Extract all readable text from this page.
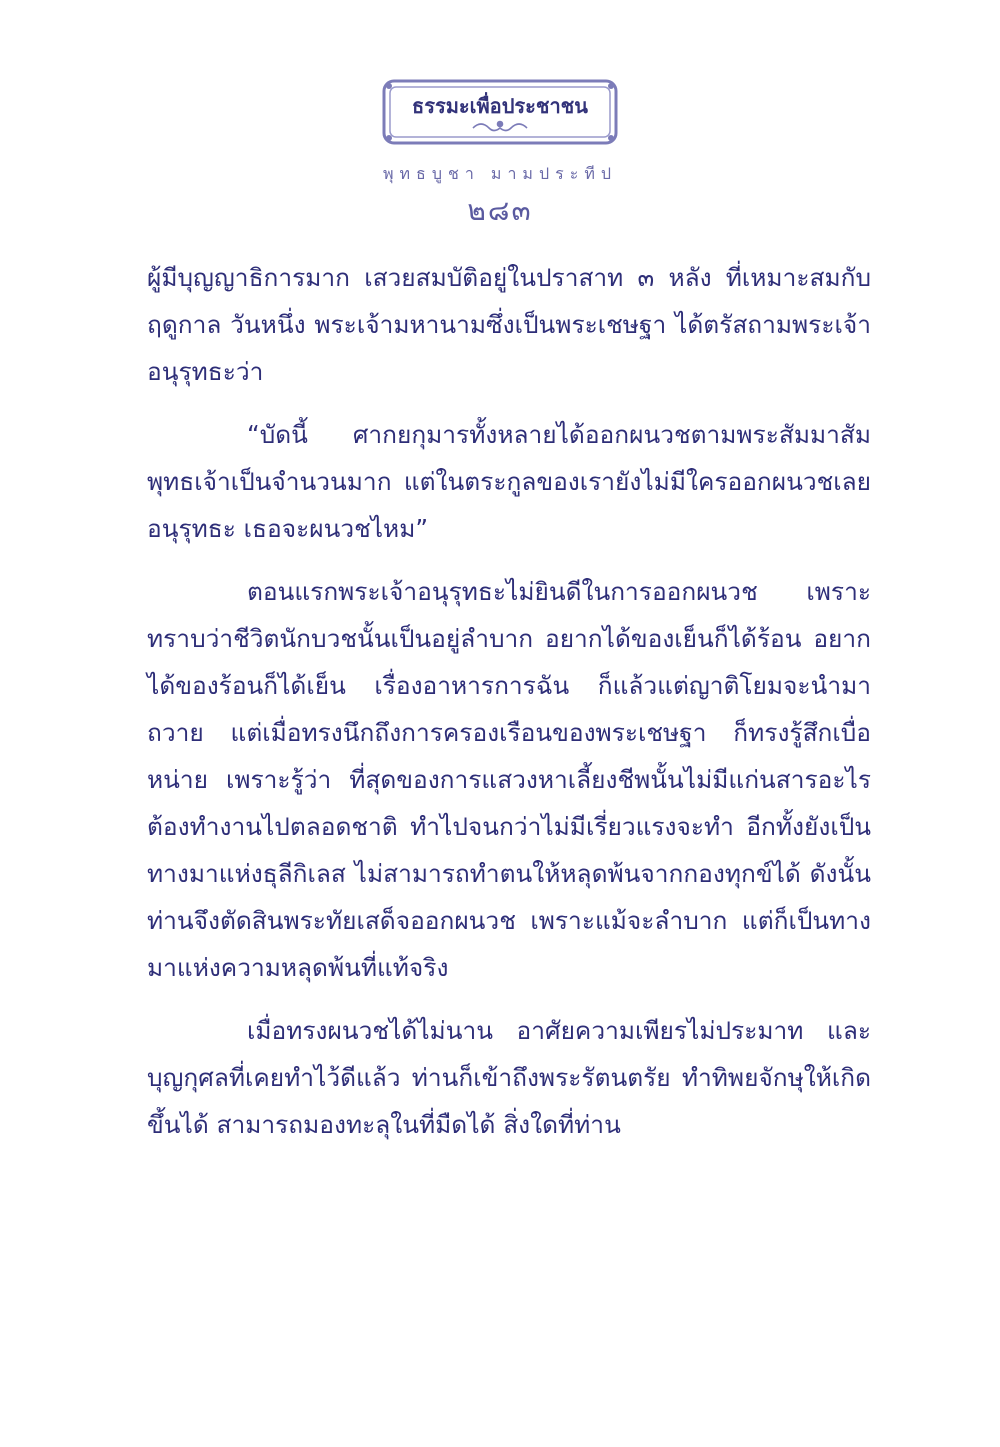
ธรรมะเพื่อประชาชน
พุทธบูชา มามประทีป
๒๘๓

ผู้มีบุญญาธิการมาก เสวยสมบัติอยู่ในปราสาท ๓ หลัง ที่เหมาะสมกับฤดูกาล วันหนึ่ง พระเจ้ามหานามซึ่งเป็นพระเชษฐา ได้ตรัสถามพระเจ้าอนุรุทธะว่า

“บัดนี้ ศากยกุมารทั้งหลายได้ออกผนวชตามพระสัมมาสัมพุทธเจ้าเป็นจำนวนมาก แต่ในตระกูลของเรายังไม่มีใครออกผนวชเลย อนุรุทธะ เธอจะผนวชไหม”

ตอนแรกพระเจ้าอนุรุทธะไม่ยินดีในการออกผนวช เพราะทราบว่าชีวิตนักบวชนั้นเป็นอยู่ลำบาก อยากได้ของเย็นก็ได้ร้อน อยากได้ของร้อนก็ได้เย็น เรื่องอาหารการฉัน ก็แล้วแต่ญาติโยมจะนำมาถวาย แต่เมื่อทรงนึกถึงการครองเรือนของพระเชษฐา ก็ทรงรู้สึกเบื่อหน่าย เพราะรู้ว่า ที่สุดของการแสวงหาเลี้ยงชีพนั้นไม่มีแก่นสารอะไร ต้องทำงานไปตลอดชาติ ทำไปจนกว่าไม่มีเรี่ยวแรงจะทำ อีกทั้งยังเป็นทางมาแห่งธุลีกิเลส ไม่สามารถทำตนให้หลุดพ้นจากกองทุกข์ได้ ดังนั้นท่านจึงตัดสินพระทัยเสด็จออกผนวช เพราะแม้จะลำบาก แต่ก็เป็นทางมาแห่งความหลุดพ้นที่แท้จริง

เมื่อทรงผนวชได้ไม่นาน อาศัยความเพียรไม่ประมาท และบุญกุศลที่เคยทำไว้ดีแล้ว ท่านก็เข้าถึงพระรัตนตรัย ทำทิพยจักษุให้เกิดขึ้นได้ สามารถมองทะลุในที่มืดได้ สิ่งใดที่ท่าน
